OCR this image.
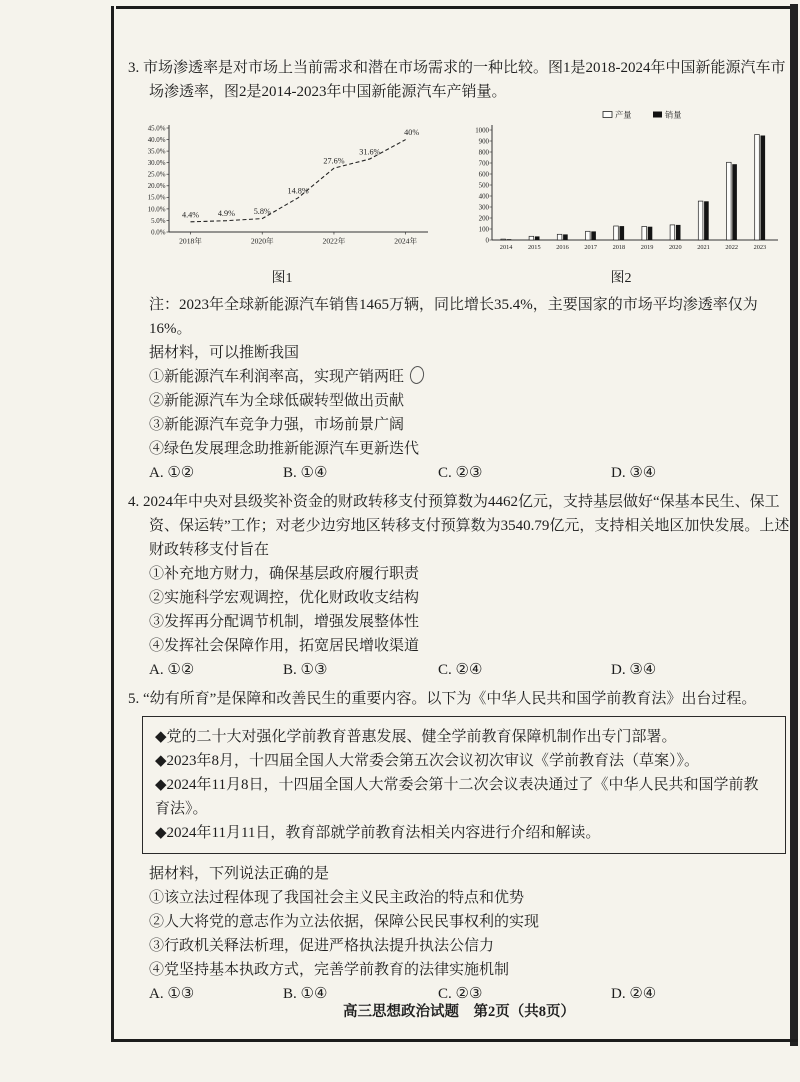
3. 市场渗透率是对市场上当前需求和潜在市场需求的一种比较。图1是2018-2024年中国新能源汽车市场渗透率，图2是2014-2023年中国新能源汽车产销量。

0.0%
5.0%
10.0%
15.0%
20.0%
25.0%
30.0%
35.0%
40.0%
45.0%
4.4% 4.9% 5.8%
14.8%
27.6%
31.6%
40%
2018年	2020年	2022年	2024年
图1
产量	销量
0
100
200
300
400
500
600
700
800
900
1000
2014 2015 2016 2017 2018 2019 2020 2021 2022 2023
图2

注：2023年全球新能源汽车销售1465万辆，同比增长35.4%，主要国家的市场平均渗透率仅为16%。

据材料，可以推断我国

①新能源汽车利润率高，实现产销两旺

②新能源汽车为全球低碳转型做出贡献

③新能源汽车竞争力强，市场前景广阔

④绿色发展理念助推新能源汽车更新迭代

A. ①②	B. ①④	C. ②③	D. ③④

4. 2024年中央对县级奖补资金的财政转移支付预算数为4462亿元，支持基层做好“保基本民生、保工资、保运转”工作；对老少边穷地区转移支付预算数为3540.79亿元，支持相关地区加快发展。上述财政转移支付旨在

①补充地方财力，确保基层政府履行职责

②实施科学宏观调控，优化财政收支结构

③发挥再分配调节机制，增强发展整体性

④发挥社会保障作用，拓宽居民增收渠道

A. ①②	B. ①③	C. ②④	D. ③④

5. “幼有所育”是保障和改善民生的重要内容。以下为《中华人民共和国学前教育法》出台过程。

◆党的二十大对强化学前教育普惠发展、健全学前教育保障机制作出专门部署。

◆2023年8月，十四届全国人大常委会第五次会议初次审议《学前教育法（草案）》。

◆2024年11月8日，十四届全国人大常委会第十二次会议表决通过了《中华人民共和国学前教育法》。

◆2024年11月11日，教育部就学前教育法相关内容进行介绍和解读。

据材料，下列说法正确的是

①该立法过程体现了我国社会主义民主政治的特点和优势

②人大将党的意志作为立法依据，保障公民民事权利的实现

③行政机关释法析理，促进严格执法提升执法公信力

④党坚持基本执政方式，完善学前教育的法律实施机制

A. ①③	B. ①④	C. ②③	D. ②④
高三思想政治试题　第2页（共8页）
